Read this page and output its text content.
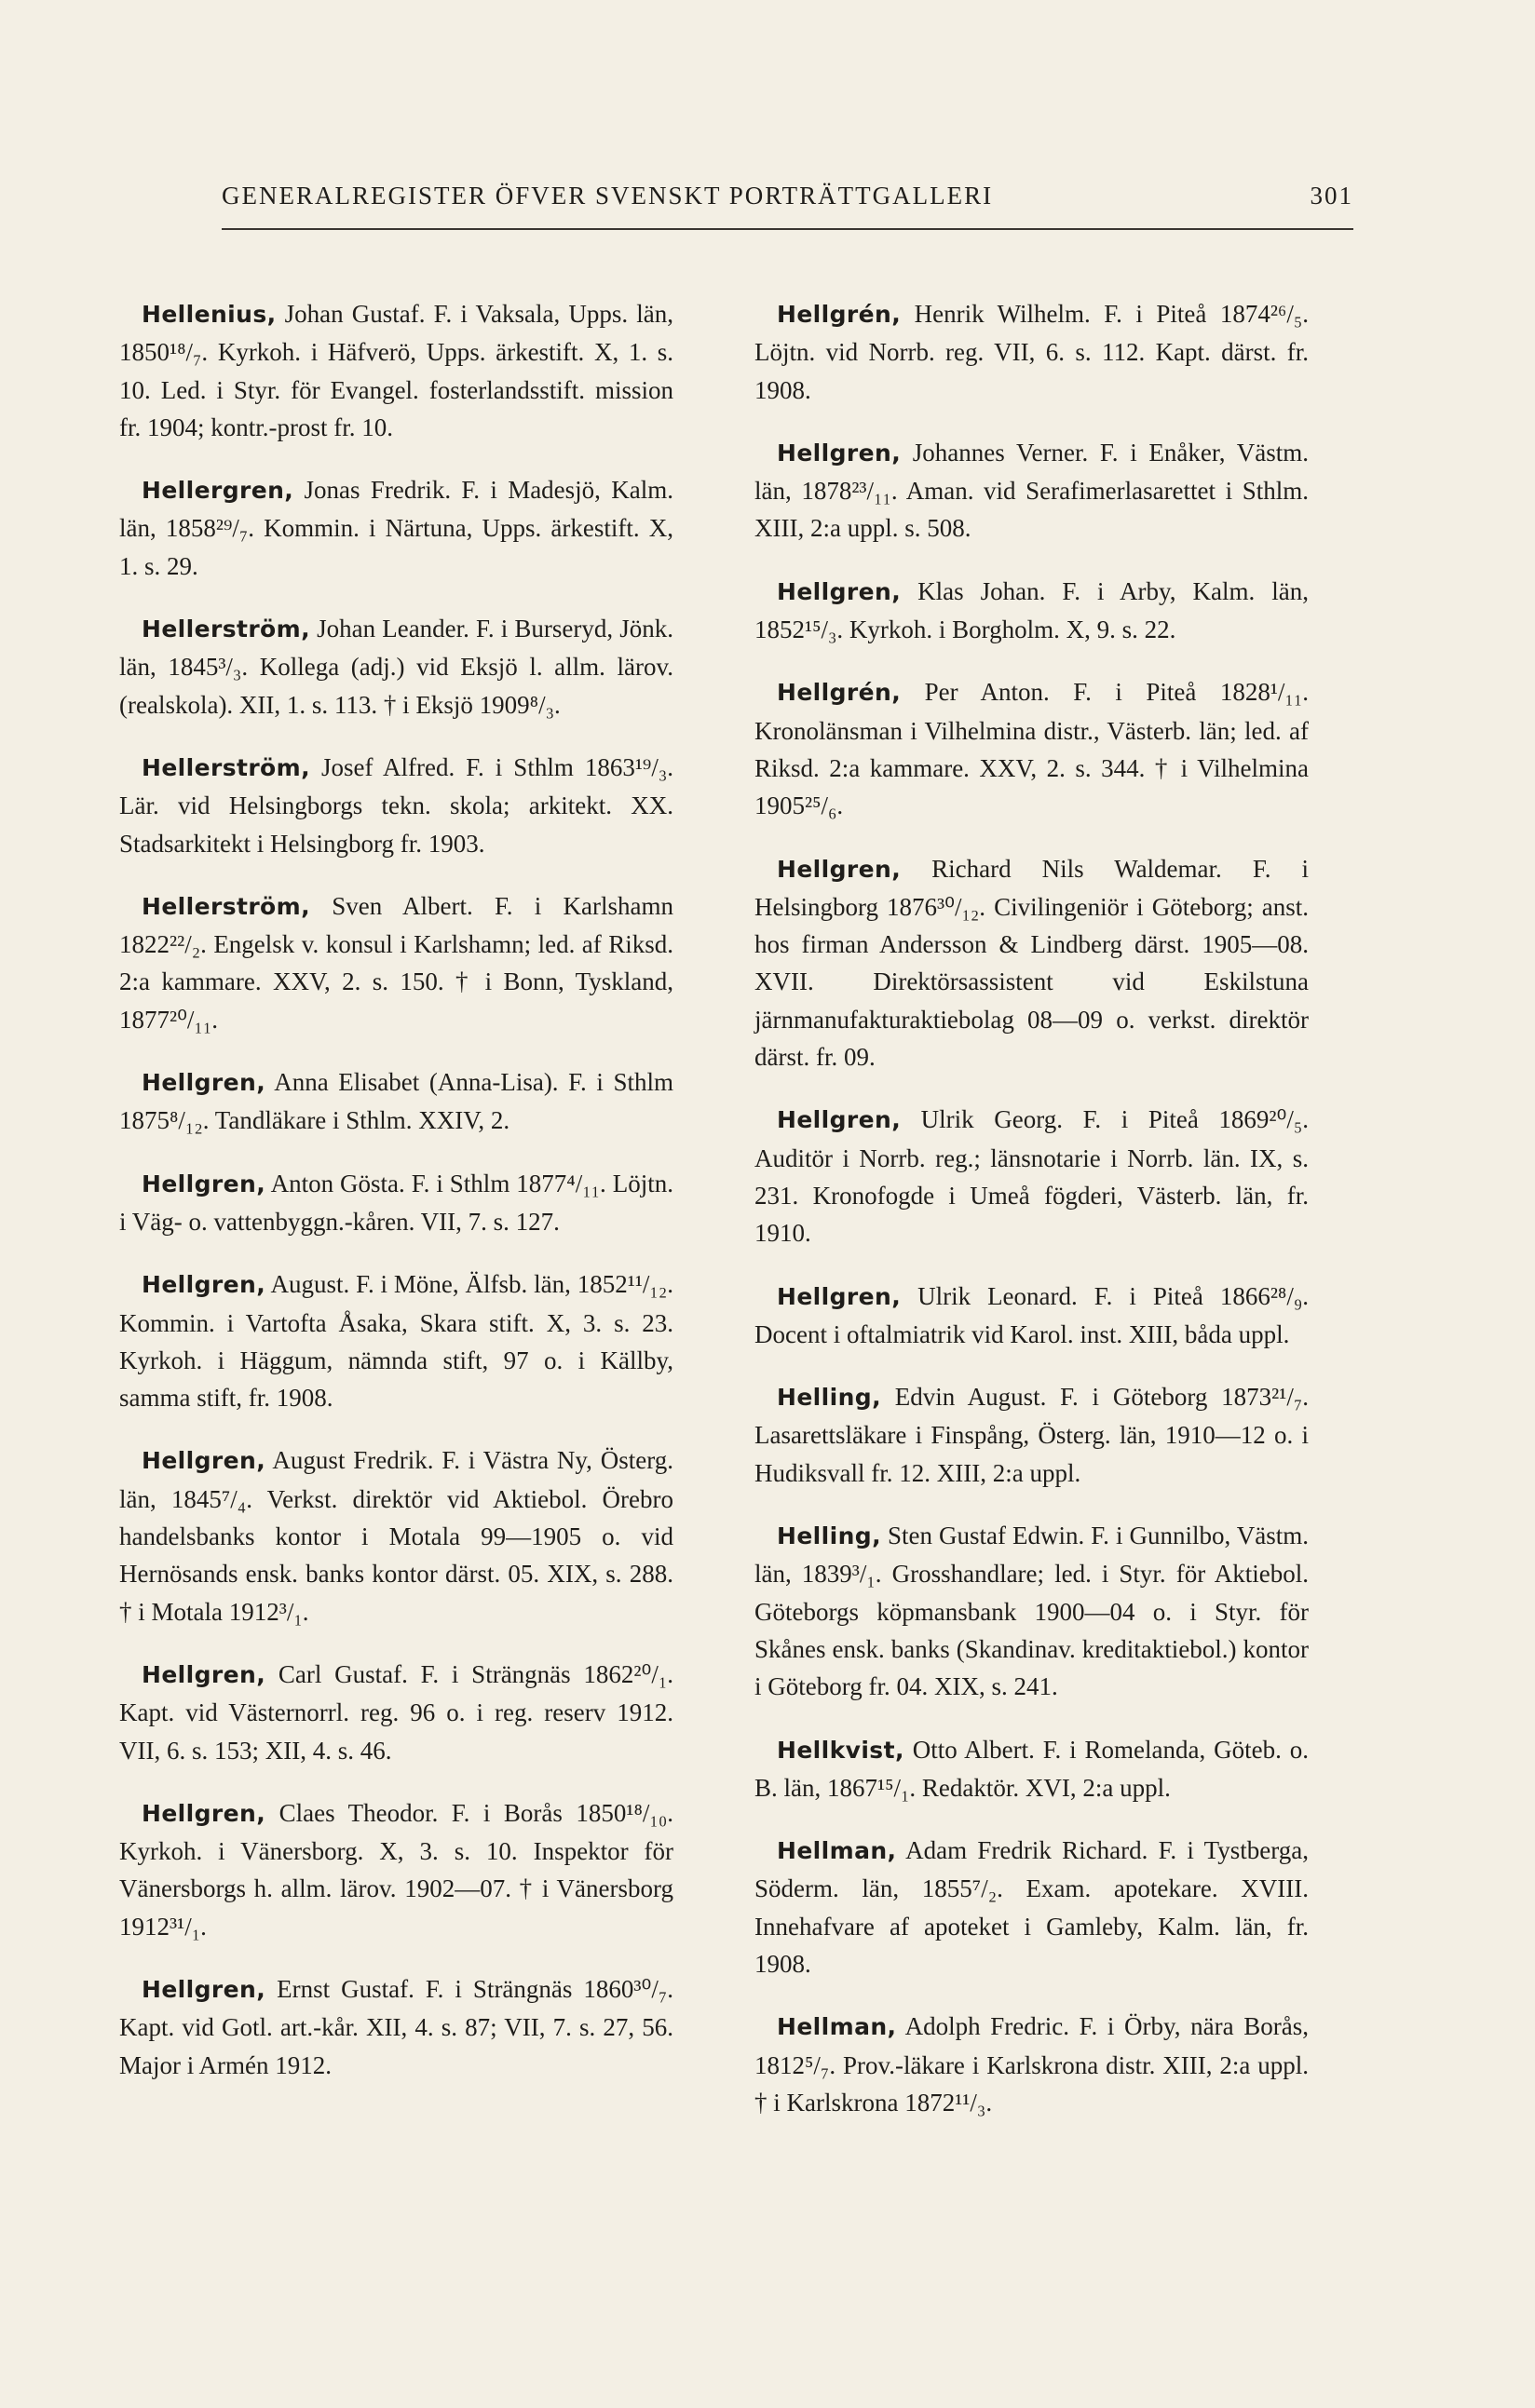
GENERALREGISTER ÖFVER SVENSKT PORTRÄTTGALLERI	301

Hellenius, Johan Gustaf. F. i Vaksala, Upps. län, 1850¹⁸/₇. Kyrkoh. i Häfverö, Upps. ärkestift. X, 1. s. 10. Led. i Styr. för Evangel. fosterlandsstift. mission fr. 1904; kontr.-prost fr. 10.

Hellergren, Jonas Fredrik. F. i Madesjö, Kalm. län, 1858²⁹/₇. Kommin. i Närtuna, Upps. ärkestift. X, 1. s. 29.

Hellerström, Johan Leander. F. i Burseryd, Jönk. län, 1845³/₃. Kollega (adj.) vid Eksjö l. allm. lärov. (realskola). XII, 1. s. 113. † i Eksjö 1909⁸/₃.

Hellerström, Josef Alfred. F. i Sthlm 1863¹⁹/₃. Lär. vid Helsingborgs tekn. skola; arkitekt. XX. Stadsarkitekt i Helsingborg fr. 1903.

Hellerström, Sven Albert. F. i Karlshamn 1822²²/₂. Engelsk v. konsul i Karlshamn; led. af Riksd. 2:a kammare. XXV, 2. s. 150. † i Bonn, Tyskland, 1877²⁰/₁₁.

Hellgren, Anna Elisabet (Anna-Lisa). F. i Sthlm 1875⁸/₁₂. Tandläkare i Sthlm. XXIV, 2.

Hellgren, Anton Gösta. F. i Sthlm 1877⁴/₁₁. Löjtn. i Väg- o. vattenbyggn.-kåren. VII, 7. s. 127.

Hellgren, August. F. i Möne, Älfsb. län, 1852¹¹/₁₂. Kommin. i Vartofta Åsaka, Skara stift. X, 3. s. 23. Kyrkoh. i Häggum, nämnda stift, 97 o. i Källby, samma stift, fr. 1908.

Hellgren, August Fredrik. F. i Västra Ny, Österg. län, 1845⁷/₄. Verkst. direktör vid Aktiebol. Örebro handelsbanks kontor i Motala 99—1905 o. vid Hernösands ensk. banks kontor därst. 05. XIX, s. 288. † i Motala 1912³/₁.

Hellgren, Carl Gustaf. F. i Strängnäs 1862²⁰/₁. Kapt. vid Västernorrl. reg. 96 o. i reg. reserv 1912. VII, 6. s. 153; XII, 4. s. 46.

Hellgren, Claes Theodor. F. i Borås 1850¹⁸/₁₀. Kyrkoh. i Vänersborg. X, 3. s. 10. Inspektor för Vänersborgs h. allm. lärov. 1902—07. † i Vänersborg 1912³¹/₁.

Hellgren, Ernst Gustaf. F. i Strängnäs 1860³⁰/₇. Kapt. vid Gotl. art.-kår. XII, 4. s. 87; VII, 7. s. 27, 56. Major i Armén 1912.

Hellgrén, Henrik Wilhelm. F. i Piteå 1874²⁶/₅. Löjtn. vid Norrb. reg. VII, 6. s. 112. Kapt. därst. fr. 1908.

Hellgren, Johannes Verner. F. i Enåker, Västm. län, 1878²³/₁₁. Aman. vid Serafimerlasarettet i Sthlm. XIII, 2:a uppl. s. 508.

Hellgren, Klas Johan. F. i Arby, Kalm. län, 1852¹⁵/₃. Kyrkoh. i Borgholm. X, 9. s. 22.

Hellgrén, Per Anton. F. i Piteå 1828¹/₁₁. Kronolänsman i Vilhelmina distr., Västerb. län; led. af Riksd. 2:a kammare. XXV, 2. s. 344. † i Vilhelmina 1905²⁵/₆.

Hellgren, Richard Nils Waldemar. F. i Helsingborg 1876³⁰/₁₂. Civilingeniör i Göteborg; anst. hos firman Andersson & Lindberg därst. 1905—08. XVII. Direktörsassistent vid Eskilstuna järnmanufakturaktiebolag 08—09 o. verkst. direktör därst. fr. 09.

Hellgren, Ulrik Georg. F. i Piteå 1869²⁰/₅. Auditör i Norrb. reg.; länsnotarie i Norrb. län. IX, s. 231. Kronofogde i Umeå fögderi, Västerb. län, fr. 1910.

Hellgren, Ulrik Leonard. F. i Piteå 1866²⁸/₉. Docent i oftalmiatrik vid Karol. inst. XIII, båda uppl.

Helling, Edvin August. F. i Göteborg 1873²¹/₇. Lasarettsläkare i Finspång, Österg. län, 1910—12 o. i Hudiksvall fr. 12. XIII, 2:a uppl.

Helling, Sten Gustaf Edwin. F. i Gunnilbo, Västm. län, 1839³/₁. Grosshandlare; led. i Styr. för Aktiebol. Göteborgs köpmansbank 1900—04 o. i Styr. för Skånes ensk. banks (Skandinav. kreditaktiebol.) kontor i Göteborg fr. 04. XIX, s. 241.

Hellkvist, Otto Albert. F. i Romelanda, Göteb. o. B. län, 1867¹⁵/₁. Redaktör. XVI, 2:a uppl.

Hellman, Adam Fredrik Richard. F. i Tystberga, Söderm. län, 1855⁷/₂. Exam. apotekare. XVIII. Innehafvare af apoteket i Gamleby, Kalm. län, fr. 1908.

Hellman, Adolph Fredric. F. i Örby, nära Borås, 1812⁵/₇. Prov.-läkare i Karlskrona distr. XIII, 2:a uppl. † i Karlskrona 1872¹¹/₃.
